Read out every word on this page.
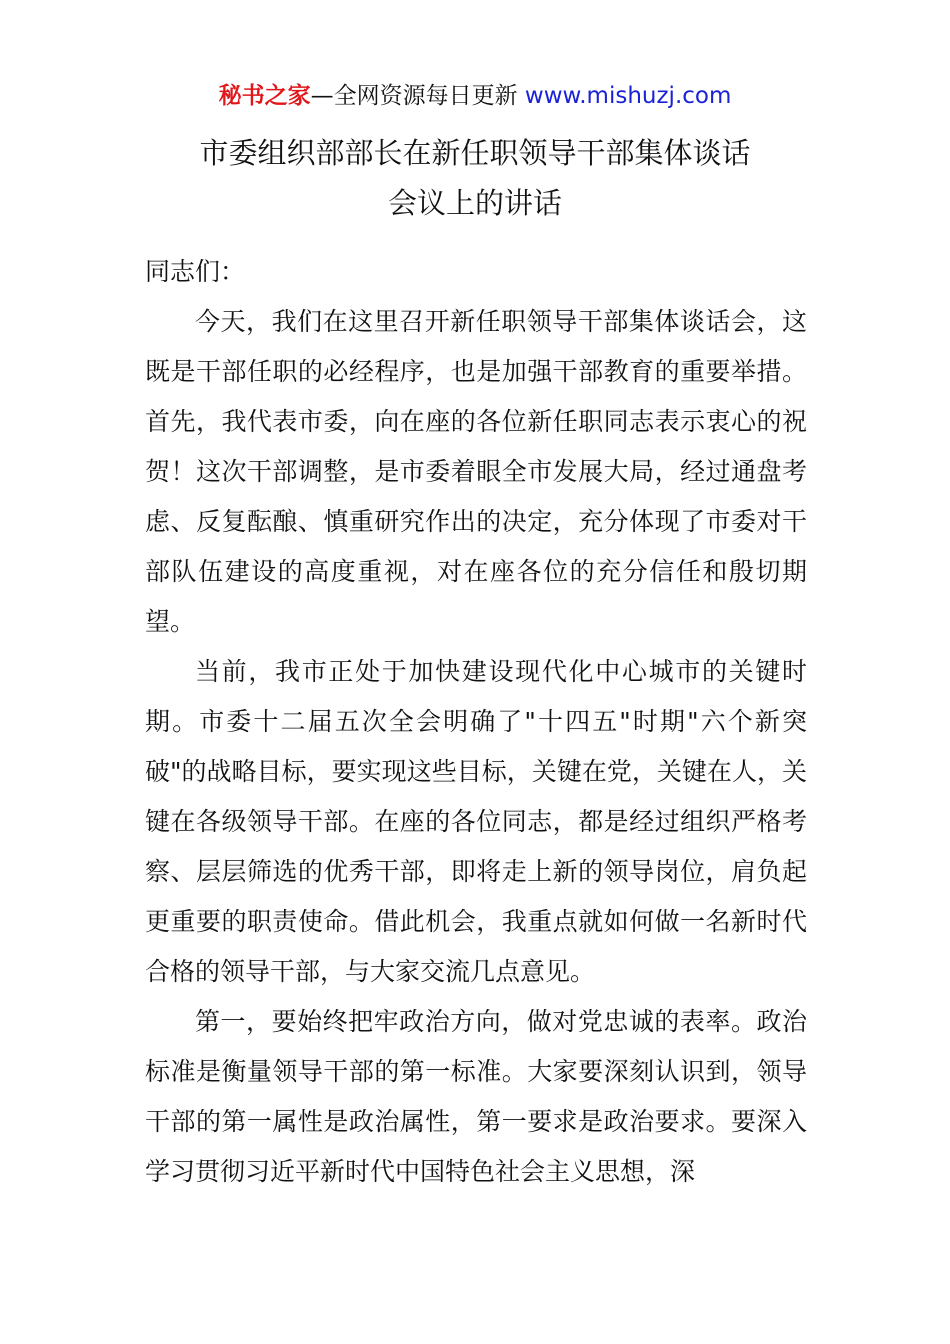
秘书之家—全网资源每日更新 www.mishuzj.com
市委组织部部长在新任职领导干部集体谈话
会议上的讲话

同志们：

今天，我们在这里召开新任职领导干部集体谈话会，这既是干部任职的必经程序，也是加强干部教育的重要举措。首先，我代表市委，向在座的各位新任职同志表示衷心的祝贺！这次干部调整，是市委着眼全市发展大局，经过通盘考虑、反复酝酿、慎重研究作出的决定，充分体现了市委对干部队伍建设的高度重视，对在座各位的充分信任和殷切期望。

当前，我市正处于加快建设现代化中心城市的关键时期。市委十二届五次全会明确了"十四五"时期"六个新突破"的战略目标，要实现这些目标，关键在党，关键在人，关键在各级领导干部。在座的各位同志，都是经过组织严格考察、层层筛选的优秀干部，即将走上新的领导岗位，肩负起更重要的职责使命。借此机会，我重点就如何做一名新时代合格的领导干部，与大家交流几点意见。

第一，要始终把牢政治方向，做对党忠诚的表率。政治标准是衡量领导干部的第一标准。大家要深刻认识到，领导干部的第一属性是政治属性，第一要求是政治要求。要深入学习贯彻习近平新时代中国特色社会主义思想，深
